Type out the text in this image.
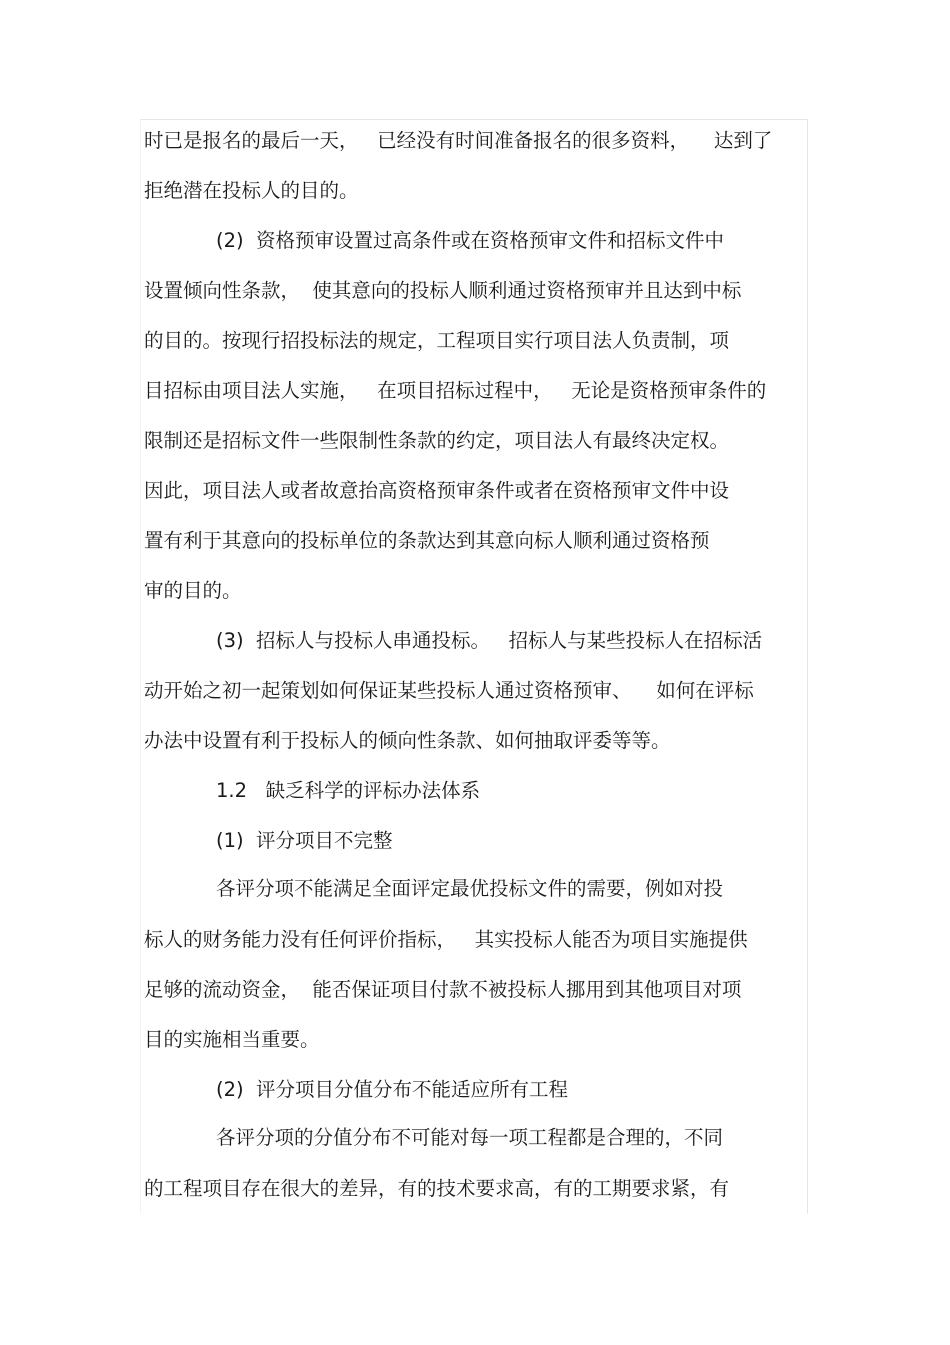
时已是报名的最后一天，   已经没有时间准备报名的很多资料，    达到了
拒绝潜在投标人的目的。
(2)  资格预审设置过高条件或在资格预审文件和招标文件中
设置倾向性条款，  使其意向的投标人顺利通过资格预审并且达到中标
的目的。按现行招投标法的规定，工程项目实行项目法人负责制，项
目招标由项目法人实施，   在项目招标过程中，   无论是资格预审条件的
限制还是招标文件一些限制性条款的约定，项目法人有最终决定权。
因此，项目法人或者故意抬高资格预审条件或者在资格预审文件中设
置有利于其意向的投标单位的条款达到其意向标人顺利通过资格预
审的目的。
(3)  招标人与投标人串通投标。   招标人与某些投标人在招标活
动开始之初一起策划如何保证某些投标人通过资格预审、    如何在评标
办法中设置有利于投标人的倾向性条款、如何抽取评委等等。
1.2   缺乏科学的评标办法体系
(1)  评分项目不完整
各评分项不能满足全面评定最优投标文件的需要，例如对投
标人的财务能力没有任何评价指标，   其实投标人能否为项目实施提供
足够的流动资金，  能否保证项目付款不被投标人挪用到其他项目对项
目的实施相当重要。
(2)  评分项目分值分布不能适应所有工程
各评分项的分值分布不可能对每一项工程都是合理的，不同
的工程项目存在很大的差异，有的技术要求高，有的工期要求紧，有
